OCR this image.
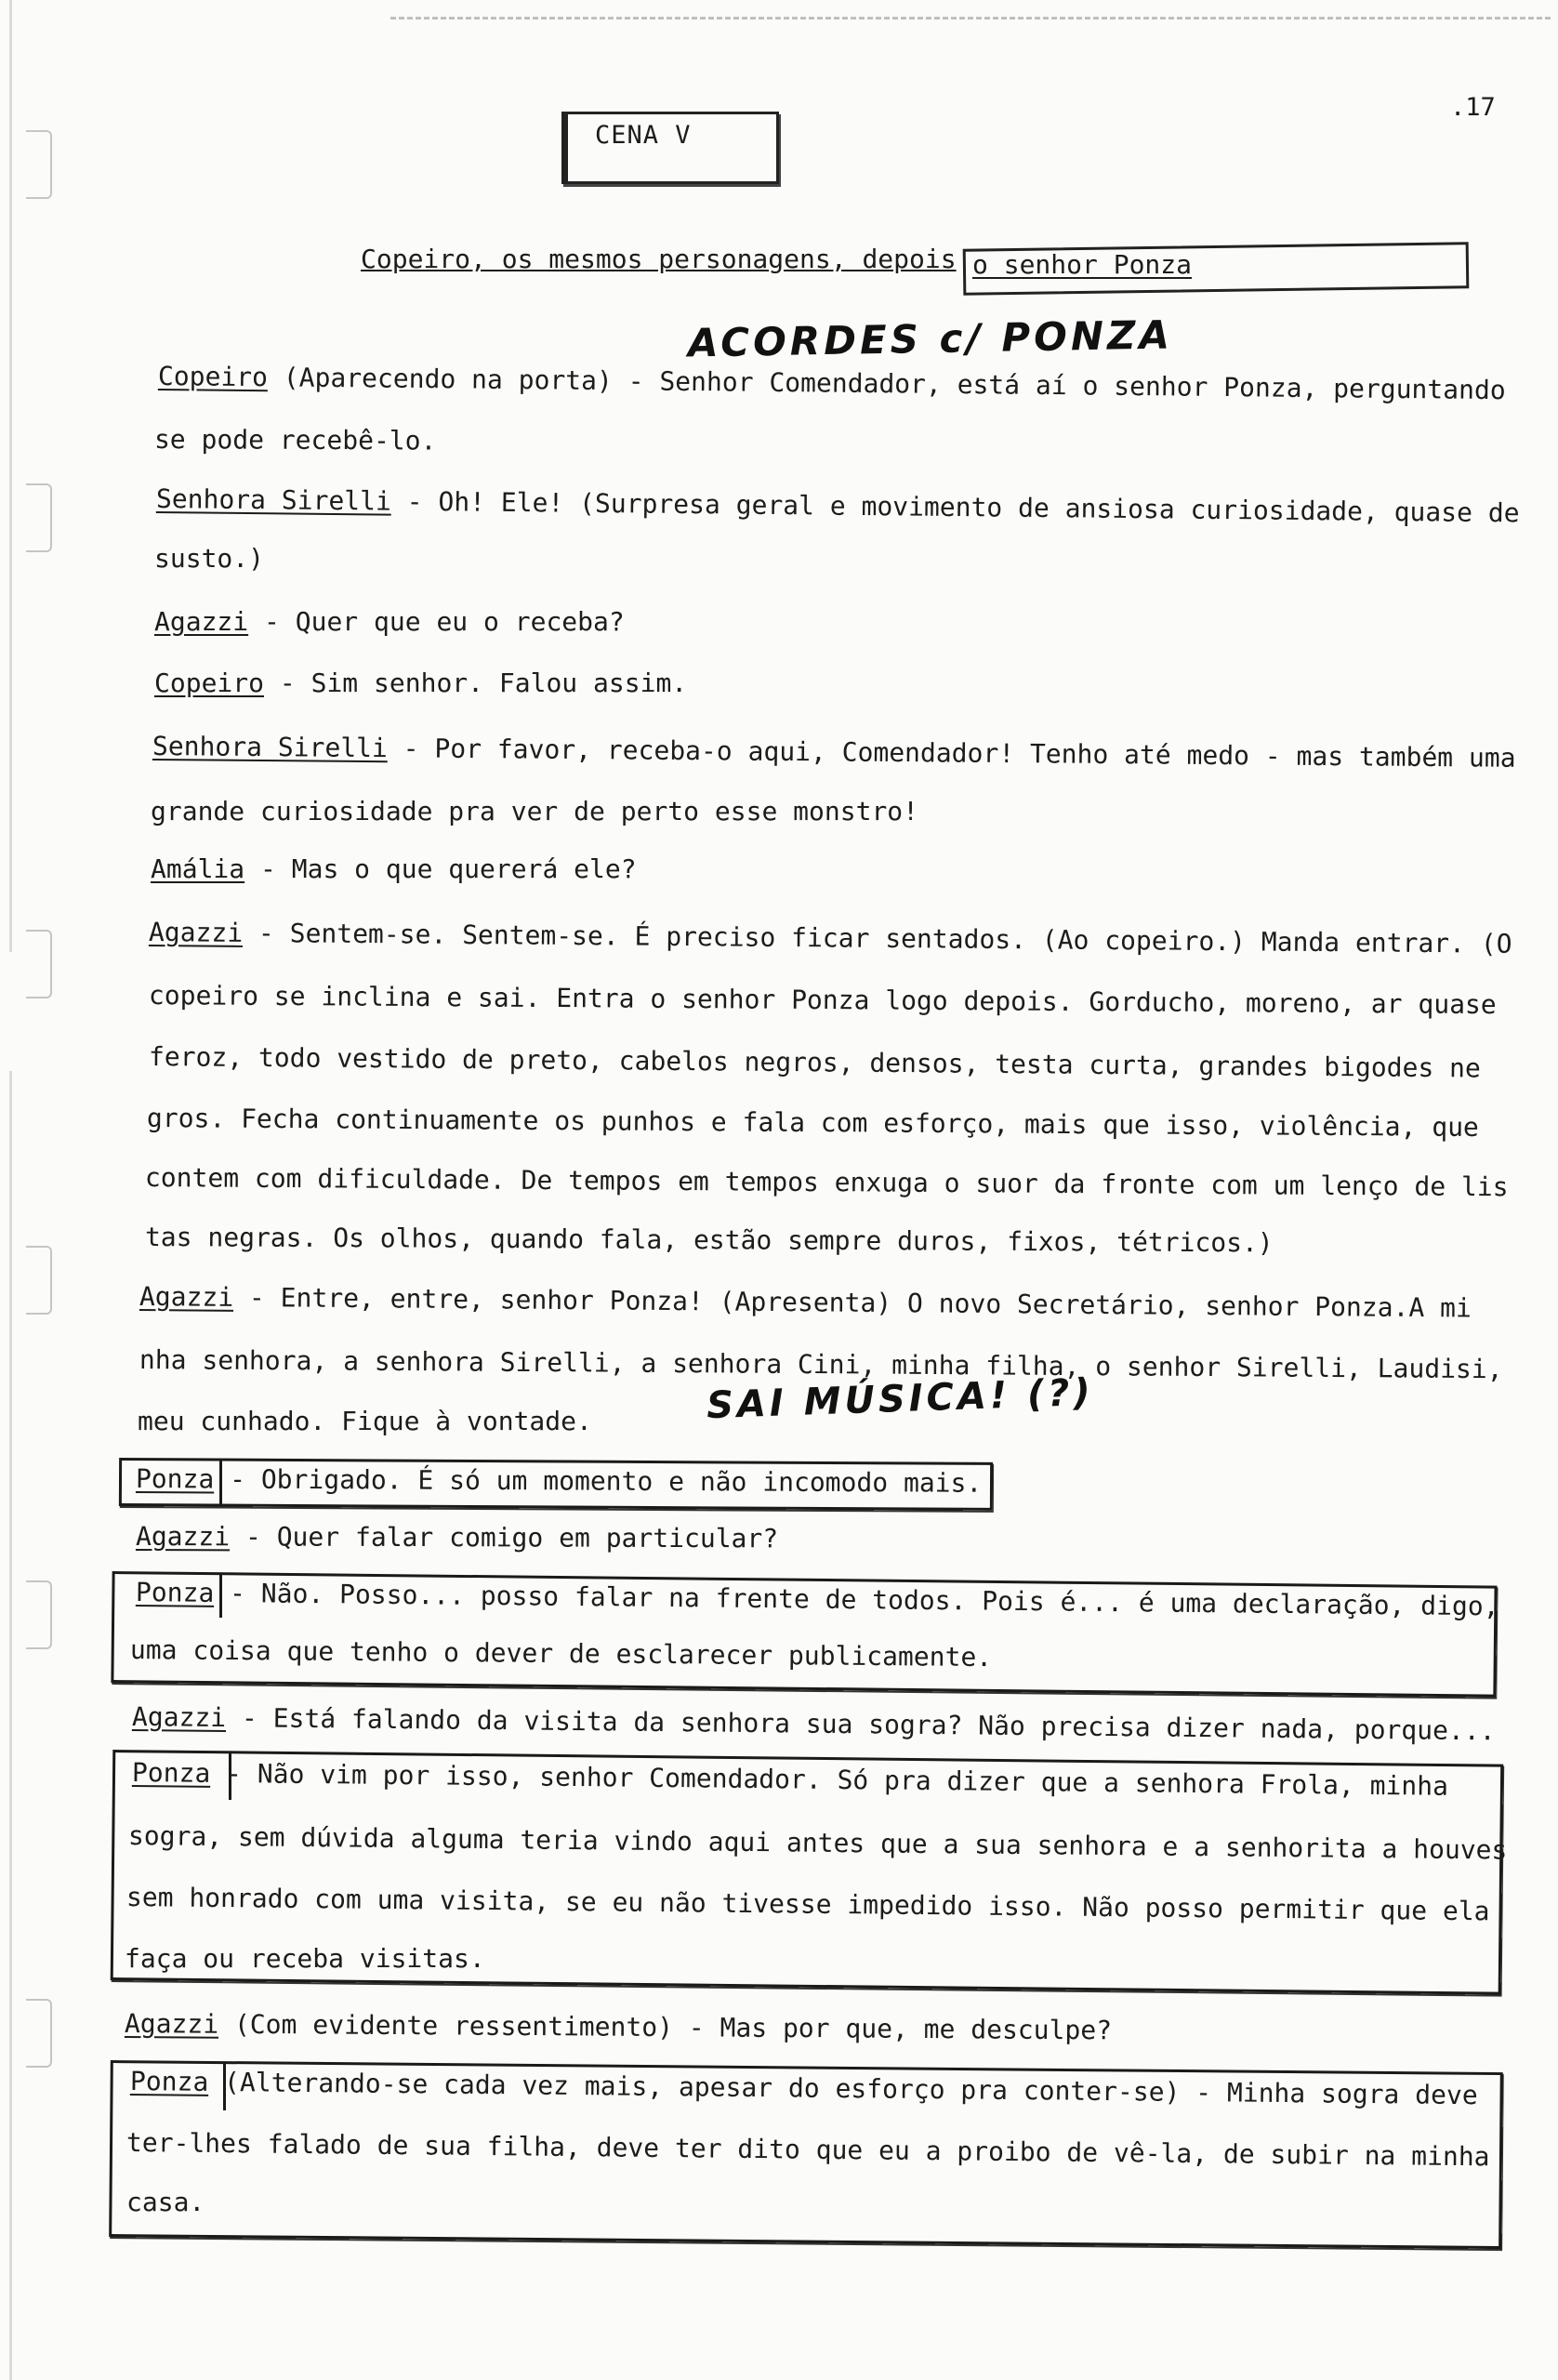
CENA V
.17
Copeiro, os mesmos personagens, depois o senhor Ponza
ACORDES c/ PONZA
SAI MÚSICA! (?)
Copeiro (Aparecendo na porta) - Senhor Comendador, está aí o senhor Ponza, perguntando
se pode recebê-lo.
Senhora Sirelli - Oh! Ele! (Surpresa geral e movimento de ansiosa curiosidade, quase de
susto.)
Agazzi - Quer que eu o receba?
Copeiro - Sim senhor. Falou assim.
Senhora Sirelli - Por favor, receba-o aqui, Comendador! Tenho até medo - mas também uma
grande curiosidade pra ver de perto esse monstro!
Amália - Mas o que quererá ele?
Agazzi - Sentem-se. Sentem-se. É preciso ficar sentados. (Ao copeiro.) Manda entrar. (O
copeiro se inclina e sai. Entra o senhor Ponza logo depois. Gorducho, moreno, ar quase
feroz, todo vestido de preto, cabelos negros, densos, testa curta, grandes bigodes ne
gros. Fecha continuamente os punhos e fala com esforço, mais que isso, violência, que
contem com dificuldade. De tempos em tempos enxuga o suor da fronte com um lenço de lis
tas negras. Os olhos, quando fala, estão sempre duros, fixos, tétricos.)
Agazzi - Entre, entre, senhor Ponza! (Apresenta) O novo Secretário, senhor Ponza.A mi
nha senhora, a senhora Sirelli, a senhora Cini, minha filha, o senhor Sirelli, Laudisi,
meu cunhado. Fique à vontade.
Ponza - Obrigado. É só um momento e não incomodo mais.
Agazzi - Quer falar comigo em particular?
Ponza - Não. Posso... posso falar na frente de todos. Pois é... é uma declaração, digo,
uma coisa que tenho o dever de esclarecer publicamente.
Agazzi - Está falando da visita da senhora sua sogra? Não precisa dizer nada, porque...
Ponza - Não vim por isso, senhor Comendador. Só pra dizer que a senhora Frola, minha
sogra, sem dúvida alguma teria vindo aqui antes que a sua senhora e a senhorita a houves
sem honrado com uma visita, se eu não tivesse impedido isso. Não posso permitir que ela
faça ou receba visitas.
Agazzi (Com evidente ressentimento) - Mas por que, me desculpe?
Ponza (Alterando-se cada vez mais, apesar do esforço pra conter-se) - Minha sogra deve
ter-lhes falado de sua filha, deve ter dito que eu a proibo de vê-la, de subir na minha
casa.
